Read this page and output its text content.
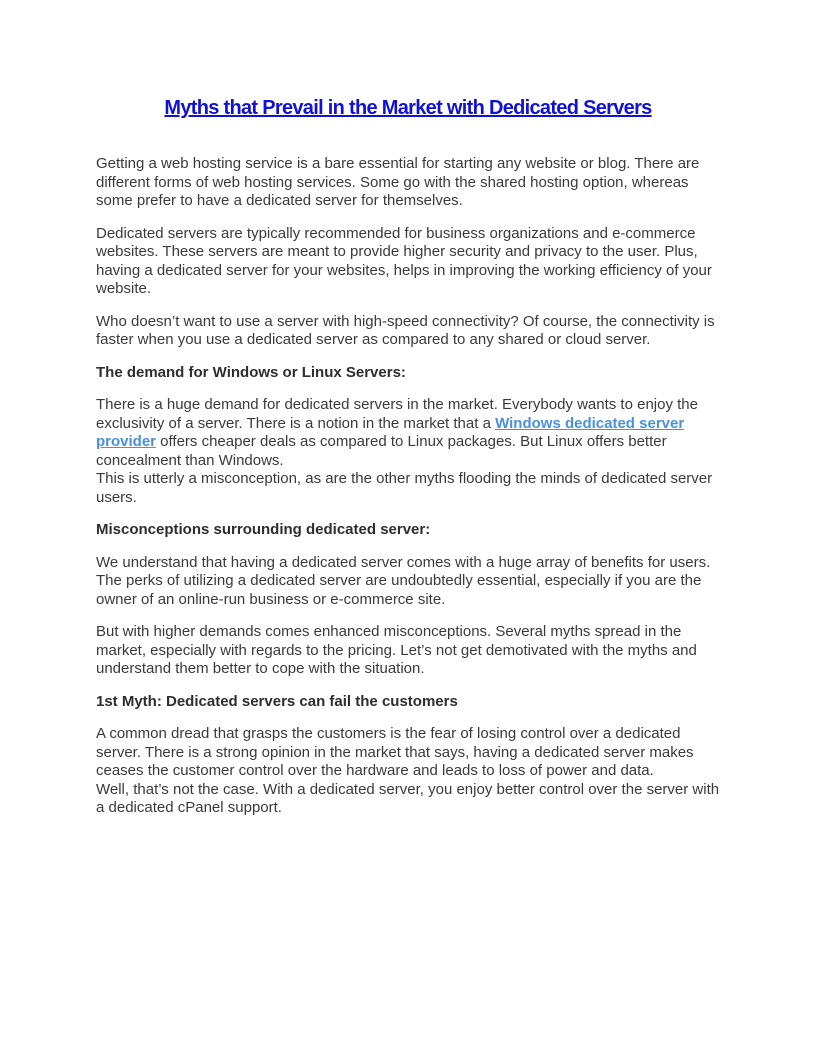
Myths that Prevail in the Market with Dedicated Servers

Getting a web hosting service is a bare essential for starting any website or blog. There are different forms of web hosting services. Some go with the shared hosting option, whereas some prefer to have a dedicated server for themselves.

Dedicated servers are typically recommended for business organizations and e-commerce websites. These servers are meant to provide higher security and privacy to the user. Plus, having a dedicated server for your websites, helps in improving the working efficiency of your website.

Who doesn’t want to use a server with high-speed connectivity? Of course, the connectivity is faster when you use a dedicated server as compared to any shared or cloud server.

The demand for Windows or Linux Servers:

There is a huge demand for dedicated servers in the market. Everybody wants to enjoy the exclusivity of a server. There is a notion in the market that a Windows dedicated server provider offers cheaper deals as compared to Linux packages. But Linux offers better concealment than Windows.

This is utterly a misconception, as are the other myths flooding the minds of dedicated server users.

Misconceptions surrounding dedicated server:

We understand that having a dedicated server comes with a huge array of benefits for users. The perks of utilizing a dedicated server are undoubtedly essential, especially if you are the owner of an online-run business or e-commerce site.

But with higher demands comes enhanced misconceptions. Several myths spread in the market, especially with regards to the pricing. Let’s not get demotivated with the myths and understand them better to cope with the situation.

1st Myth: Dedicated servers can fail the customers

A common dread that grasps the customers is the fear of losing control over a dedicated server. There is a strong opinion in the market that says, having a dedicated server makes ceases the customer control over the hardware and leads to loss of power and data.

Well, that’s not the case. With a dedicated server, you enjoy better control over the server with a dedicated cPanel support.
